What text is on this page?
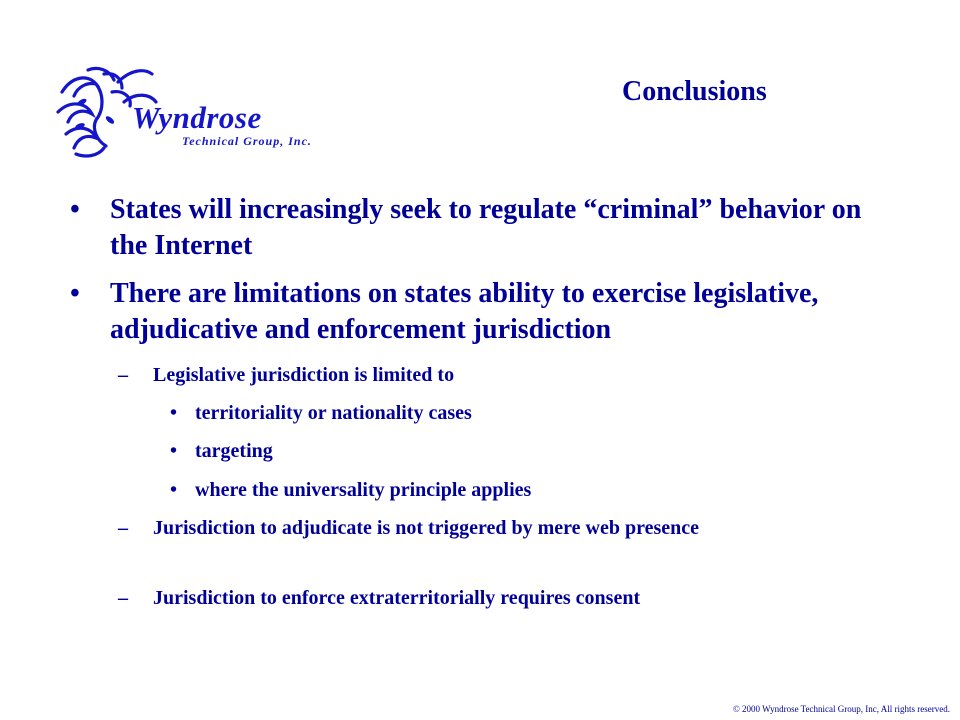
Wyndrose
Technical Group, Inc.
Conclusions
• States will increasingly seek to regulate “criminal” behavior on the Internet
• There are limitations on states ability to exercise legislative, adjudicative and enforcement jurisdiction
– Legislative jurisdiction is limited to
• territoriality or nationality cases
• targeting
• where the universality principle applies
– Jurisdiction to adjudicate is not triggered by mere web presence
– Jurisdiction to enforce extraterritorially requires consent
© 2000 Wyndrose Technical Group, Inc, All rights reserved.
